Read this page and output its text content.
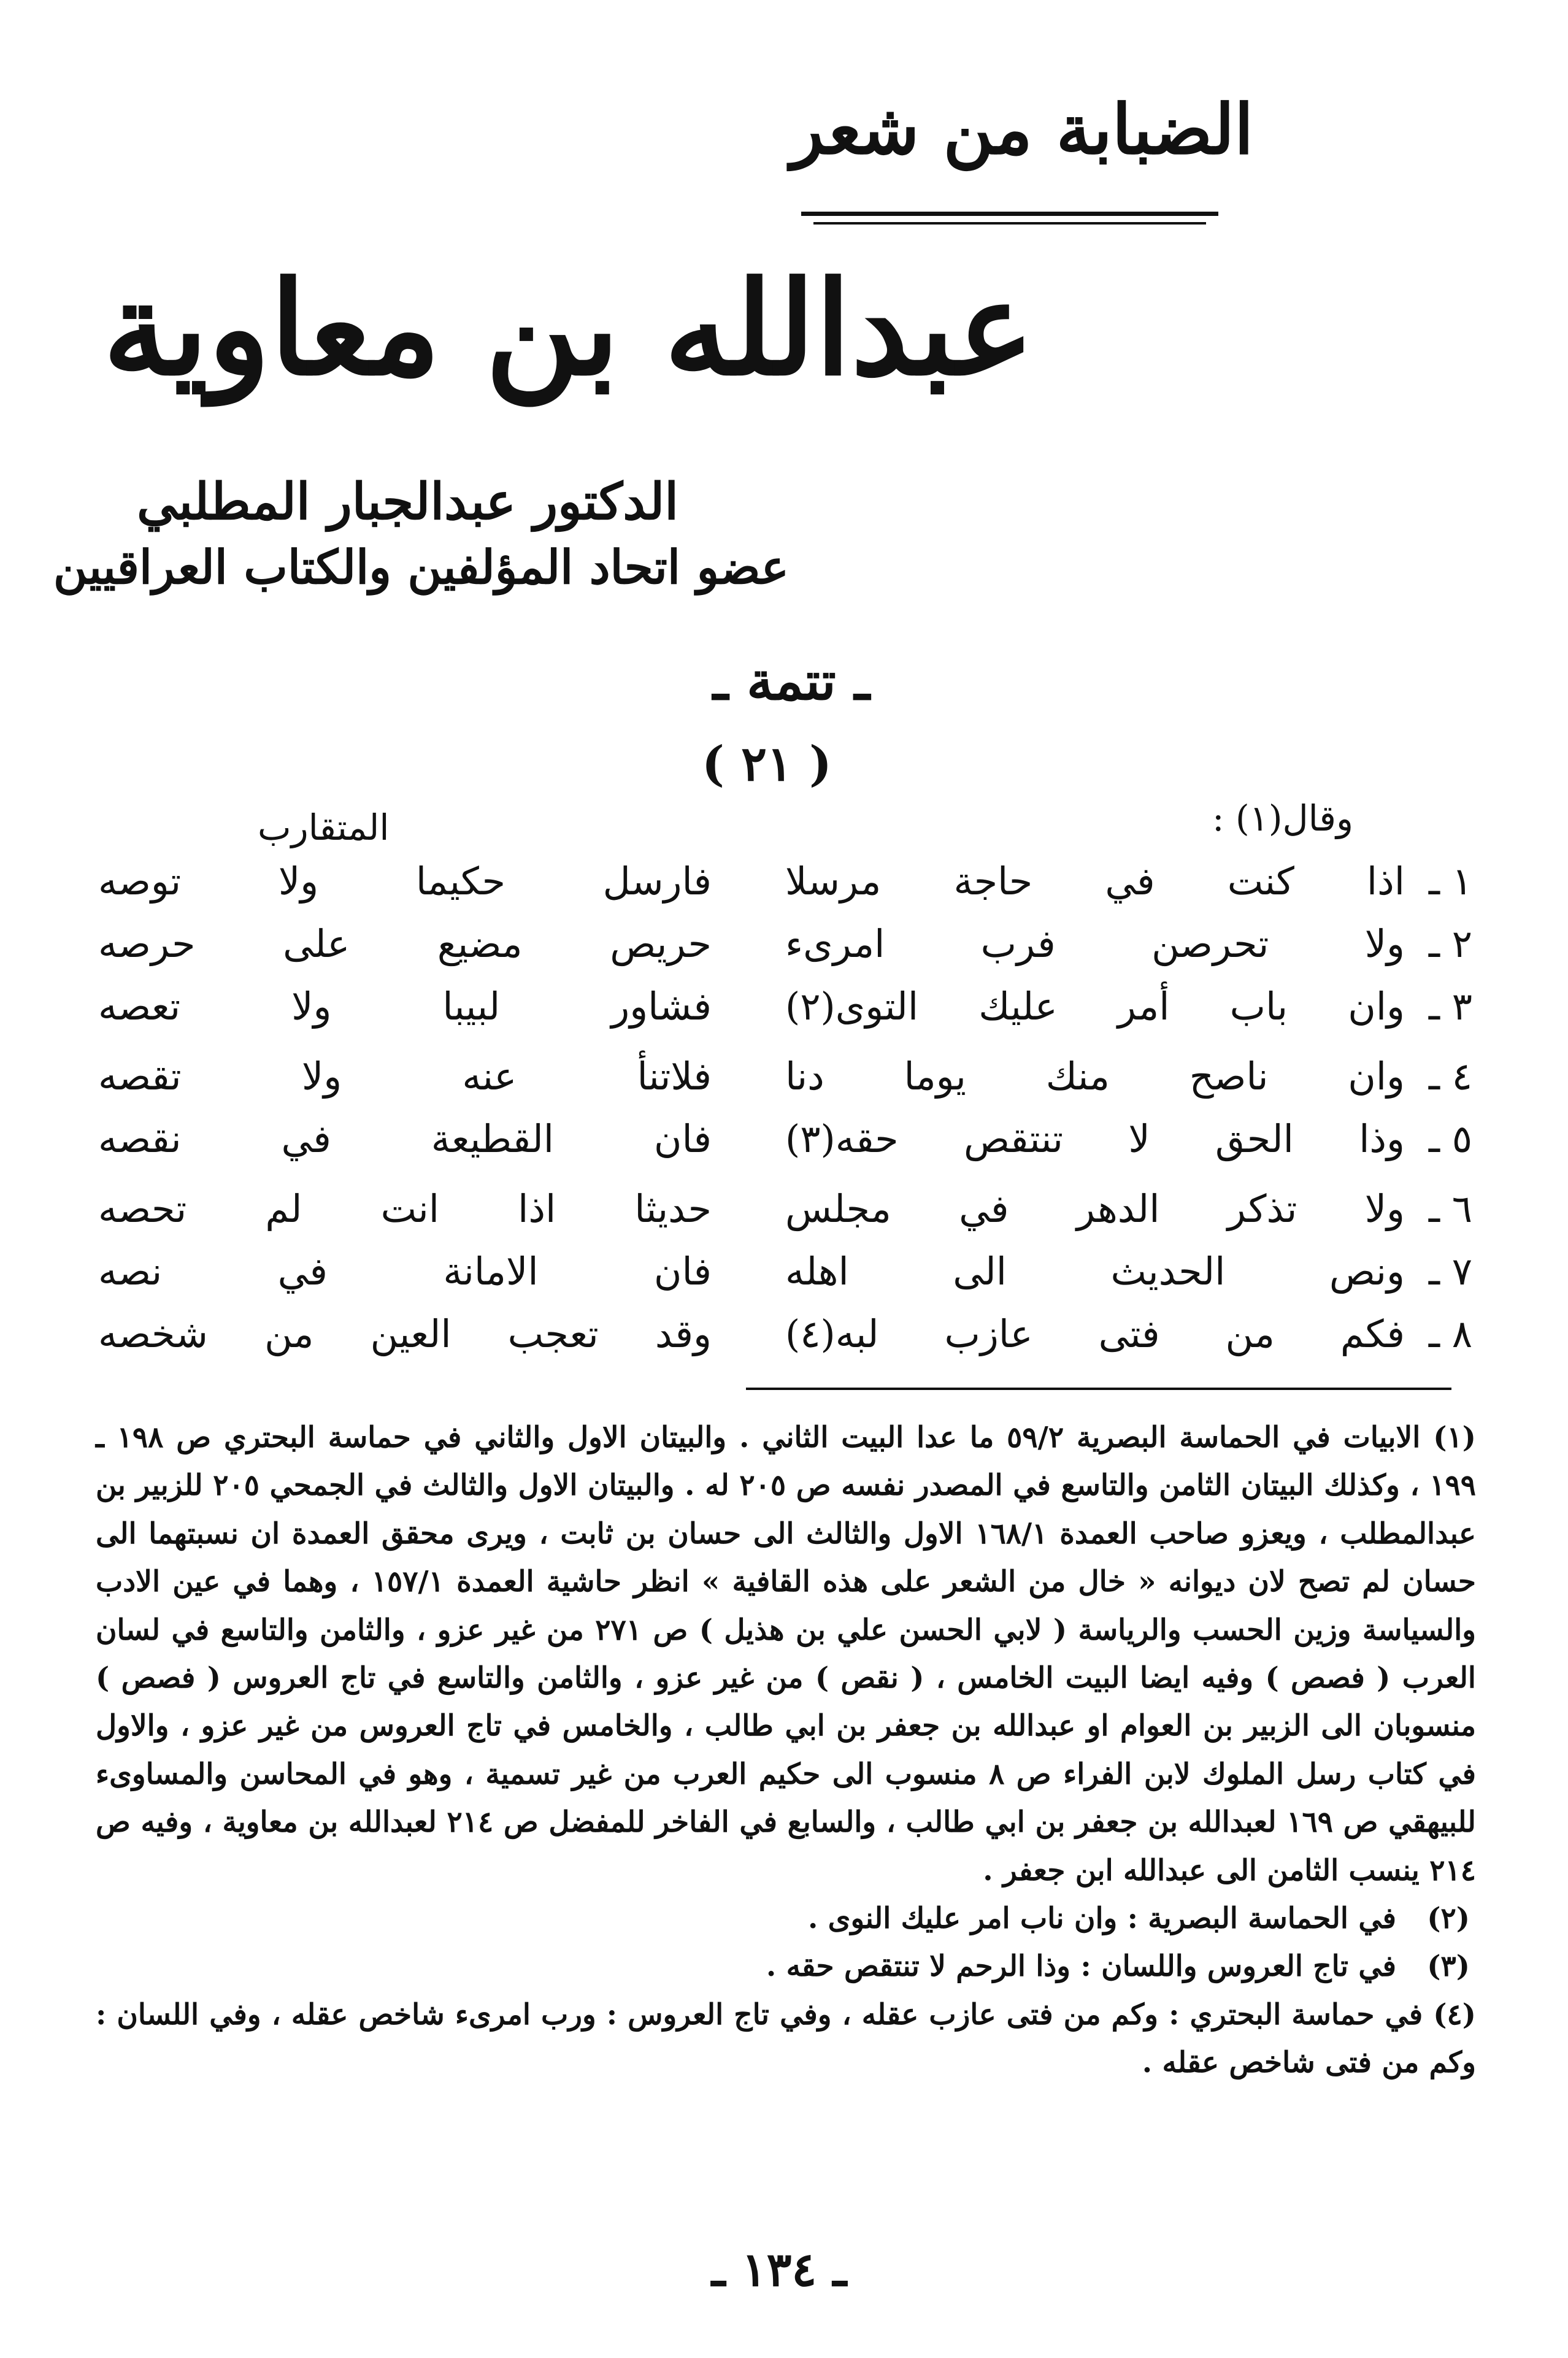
الضبابة من شعر
عبدالله بن معاوية
الدكتور عبدالجبار المطلبي
عضو اتحاد المؤلفين والكتاب العراقيين
ـ تتمة ـ
( ٢١ )
وقال(١) :
المتقارب
١ ـ
اذا كنت في حاجة مرسلا
فارسل حكيما ولا توصه
٢ ـ
ولا تحرصن فرب امرىء
حريص مضيع على حرصه
٣ ـ
وان باب أمر عليك التوى(٢)
فشاور لبيبا ولا تعصه
٤ ـ
وان ناصح منك يوما دنا
فلاتنأ عنه ولا تقصه
٥ ـ
وذا الحق لا تنتقص حقه(٣)
فان القطيعة في نقصه
٦ ـ
ولا تذكر الدهر في مجلس
حديثا اذا انت لم تحصه
٧ ـ
ونص الحديث الى اهله
فان الامانة في نصه
٨ ـ
فكم من فتى عازب لبه(٤)
وقد تعجب العين من شخصه

(١) الابيات في الحماسة البصرية ٥٩/٢ ما عدا البيت الثاني . والبيتان الاول والثاني في حماسة البحتري ص ١٩٨ ـ ١٩٩ ، وكذلك البيتان الثامن والتاسع في المصدر نفسه ص ٢٠٥ له . والبيتان الاول والثالث في الجمحي ٢٠٥ للزبير بن عبدالمطلب ، ويعزو صاحب العمدة ١٦٨/١ الاول والثالث الى حسان بن ثابت ، ويرى محقق العمدة ان نسبتهما الى حسان لم تصح لان ديوانه « خال من الشعر على هذه القافية » انظر حاشية العمدة ١٥٧/١ ، وهما في عين الادب والسياسة وزين الحسب والرياسة ( لابي الحسن علي بن هذيل ) ص ٢٧١ من غير عزو ، والثامن والتاسع في لسان العرب ( فصص ) وفيه ايضا البيت الخامس ، ( نقص ) من غير عزو ، والثامن والتاسع في تاج العروس ( فصص ) منسوبان الى الزبير بن العوام او عبدالله بن جعفر بن ابي طالب ، والخامس في تاج العروس من غير عزو ، والاول في كتاب رسل الملوك لابن الفراء ص ٨ منسوب الى حكيم العرب من غير تسمية ، وهو في المحاسن والمساوىء للبيهقي ص ١٦٩ لعبدالله بن جعفر بن ابي طالب ، والسابع في الفاخر للمفضل ص ٢١٤ لعبدالله بن معاوية ، وفيه ص ٢١٤ ينسب الثامن الى عبدالله ابن جعفر .

(٢)
في الحماسة البصرية : وان ناب امر عليك النوى .

(٣)
في تاج العروس واللسان : وذا الرحم لا تنتقص حقه .

(٤) في حماسة البحتري : وكم من فتى عازب عقله ، وفي تاج العروس : ورب امرىء شاخص عقله ، وفي اللسان : وكم من فتى شاخص عقله .

ـ ١٣٤ ـ
